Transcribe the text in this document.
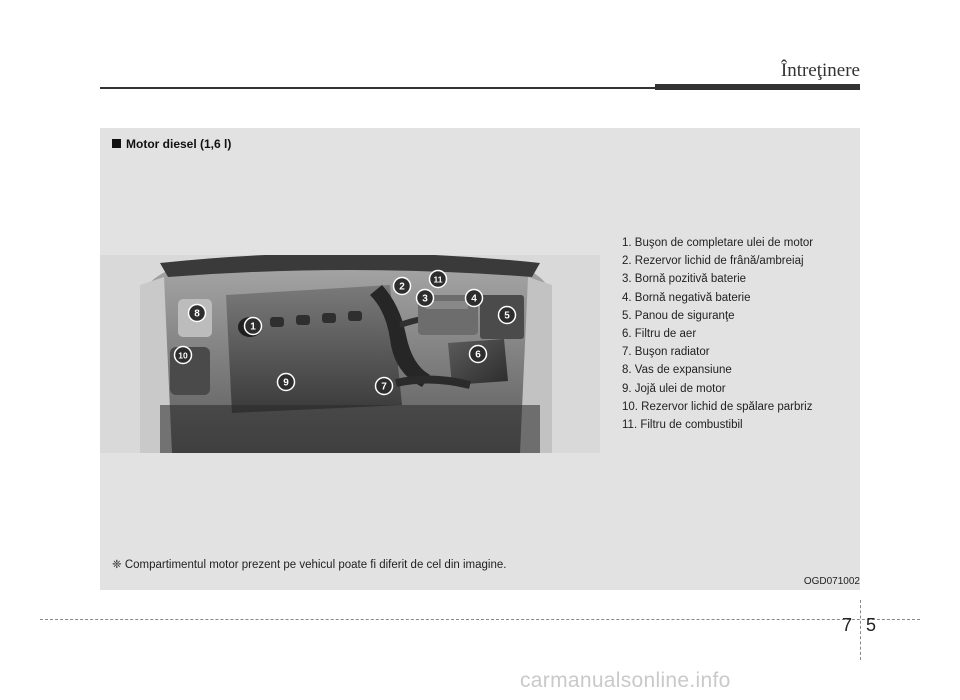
Întreţinere
Motor diesel (1,6 l)
1
2
3	4
5
6
7
8
9
10
11
1. Buşon de completare ulei de motor
2. Rezervor lichid de frână/ambreiaj
3. Bornă pozitivă baterie
4. Bornă negativă baterie
5. Panou de siguranţe
6. Filtru de aer
7. Buşon radiator
8. Vas de expansiune
9. Jojă ulei de motor
10. Rezervor lichid de spălare parbriz
11. Filtru de combustibil
❈ Compartimentul motor prezent pe vehicul poate fi diferit de cel din imagine.
OGD071002
7 5
carmanualsonline.info
